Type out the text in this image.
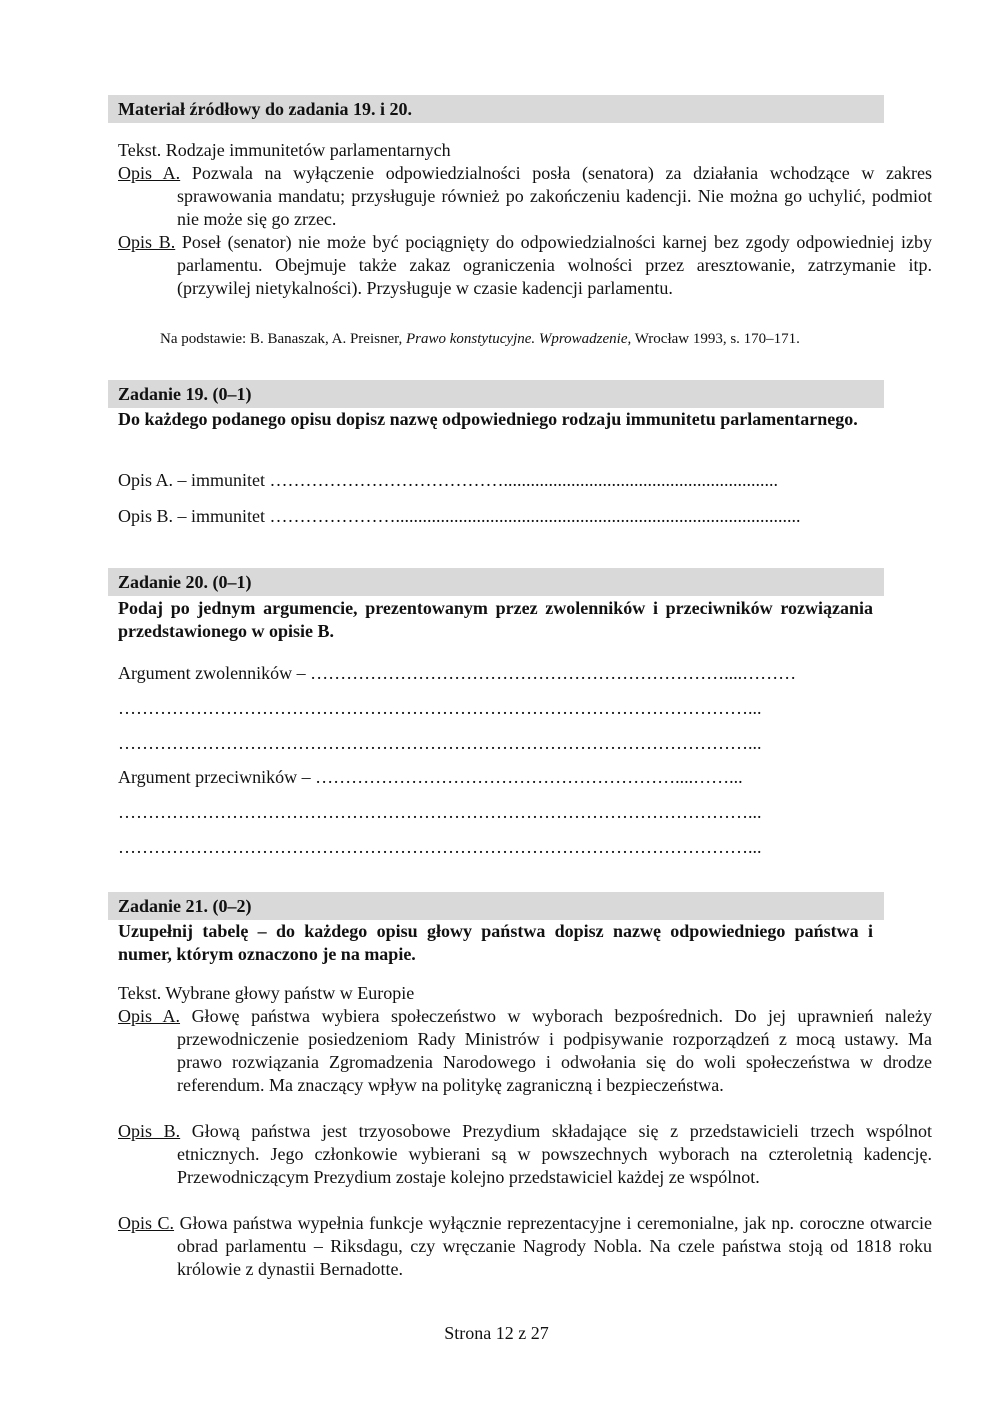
Materiał źródłowy do zadania 19. i 20.
Tekst. Rodzaje immunitetów parlamentarnych
Opis A. Pozwala na wyłączenie odpowiedzialności posła (senatora) za działania wchodzące w zakres sprawowania mandatu; przysługuje również po zakończeniu kadencji. Nie można go uchylić, podmiot nie może się go zrzec.
Opis B. Poseł (senator) nie może być pociągnięty do odpowiedzialności karnej bez zgody odpowiedniej izby parlamentu. Obejmuje także zakaz ograniczenia wolności przez aresztowanie, zatrzymanie itp. (przywilej nietykalności). Przysługuje w czasie kadencji parlamentu.
Na podstawie: B. Banaszak, A. Preisner, Prawo konstytucyjne. Wprowadzenie, Wrocław 1993, s. 170–171.
Zadanie 19. (0–1)
Do każdego podanego opisu dopisz nazwę odpowiedniego rodzaju immunitetu parlamentarnego.
Opis A. – immunitet ………………………………….............................................................
Opis B. – immunitet …………………..........................................................................................
Zadanie 20. (0–1)
Podaj po jednym argumencie, prezentowanym przez zwolenników i przeciwników rozwiązania przedstawionego w opisie B.
Argument zwolenników – ……………………………………………………………....………
……………………………………………………………………………………………...
……………………………………………………………………………………………...
Argument przeciwników – ……………………………………………………....……...
……………………………………………………………………………………………...
……………………………………………………………………………………………...
Zadanie 21. (0–2)
Uzupełnij tabelę – do każdego opisu głowy państwa dopisz nazwę odpowiedniego państwa i numer, którym oznaczono je na mapie.
Tekst. Wybrane głowy państw w Europie
Opis A. Głowę państwa wybiera społeczeństwo w wyborach bezpośrednich. Do jej uprawnień należy przewodniczenie posiedzeniom Rady Ministrów i podpisywanie rozporządzeń z mocą ustawy. Ma prawo rozwiązania Zgromadzenia Narodowego i odwołania się do woli społeczeństwa w drodze referendum. Ma znaczący wpływ na politykę zagraniczną i bezpieczeństwa.
Opis B. Głową państwa jest trzyosobowe Prezydium składające się z przedstawicieli trzech wspólnot etnicznych. Jego członkowie wybierani są w powszechnych wyborach na czteroletnią kadencję. Przewodniczącym Prezydium zostaje kolejno przedstawiciel każdej ze wspólnot.
Opis C. Głowa państwa wypełnia funkcje wyłącznie reprezentacyjne i ceremonialne, jak np. coroczne otwarcie obrad parlamentu – Riksdagu, czy wręczanie Nagrody Nobla. Na czele państwa stoją od 1818 roku królowie z dynastii Bernadotte.
Strona 12 z 27
